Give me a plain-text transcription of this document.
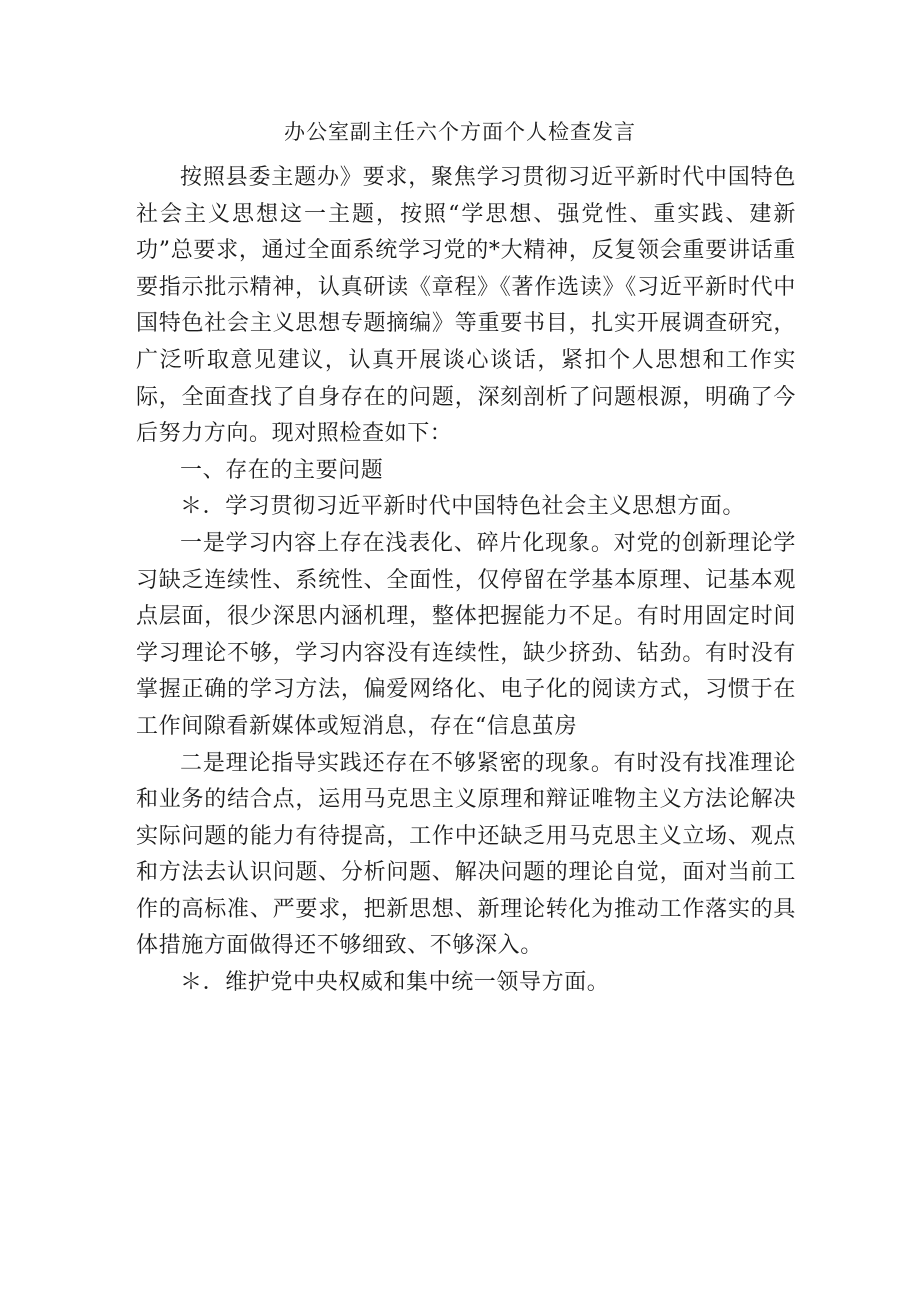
办公室副主任六个方面个人检查发言

按照县委主题办》要求，聚焦学习贯彻习近平新时代中国特色社会主义思想这一主题，按照“学思想、强党性、重实践、建新功”总要求，通过全面系统学习党的*大精神，反复领会重要讲话重要指示批示精神，认真研读《章程》《著作选读》《习近平新时代中国特色社会主义思想专题摘编》等重要书目，扎实开展调查研究，广泛听取意见建议，认真开展谈心谈话，紧扣个人思想和工作实际，全面查找了自身存在的问题，深刻剖析了问题根源，明确了今后努力方向。现对照检查如下：

一、存在的主要问题

＊．学习贯彻习近平新时代中国特色社会主义思想方面。

一是学习内容上存在浅表化、碎片化现象。对党的创新理论学习缺乏连续性、系统性、全面性，仅停留在学基本原理、记基本观点层面，很少深思内涵机理，整体把握能力不足。有时用固定时间学习理论不够，学习内容没有连续性，缺少挤劲、钻劲。有时没有掌握正确的学习方法，偏爱网络化、电子化的阅读方式，习惯于在工作间隙看新媒体或短消息，存在“信息茧房

二是理论指导实践还存在不够紧密的现象。有时没有找准理论和业务的结合点，运用马克思主义原理和辩证唯物主义方法论解决实际问题的能力有待提高，工作中还缺乏用马克思主义立场、观点和方法去认识问题、分析问题、解决问题的理论自觉，面对当前工作的高标准、严要求，把新思想、新理论转化为推动工作落实的具体措施方面做得还不够细致、不够深入。

＊．维护党中央权威和集中统一领导方面。
